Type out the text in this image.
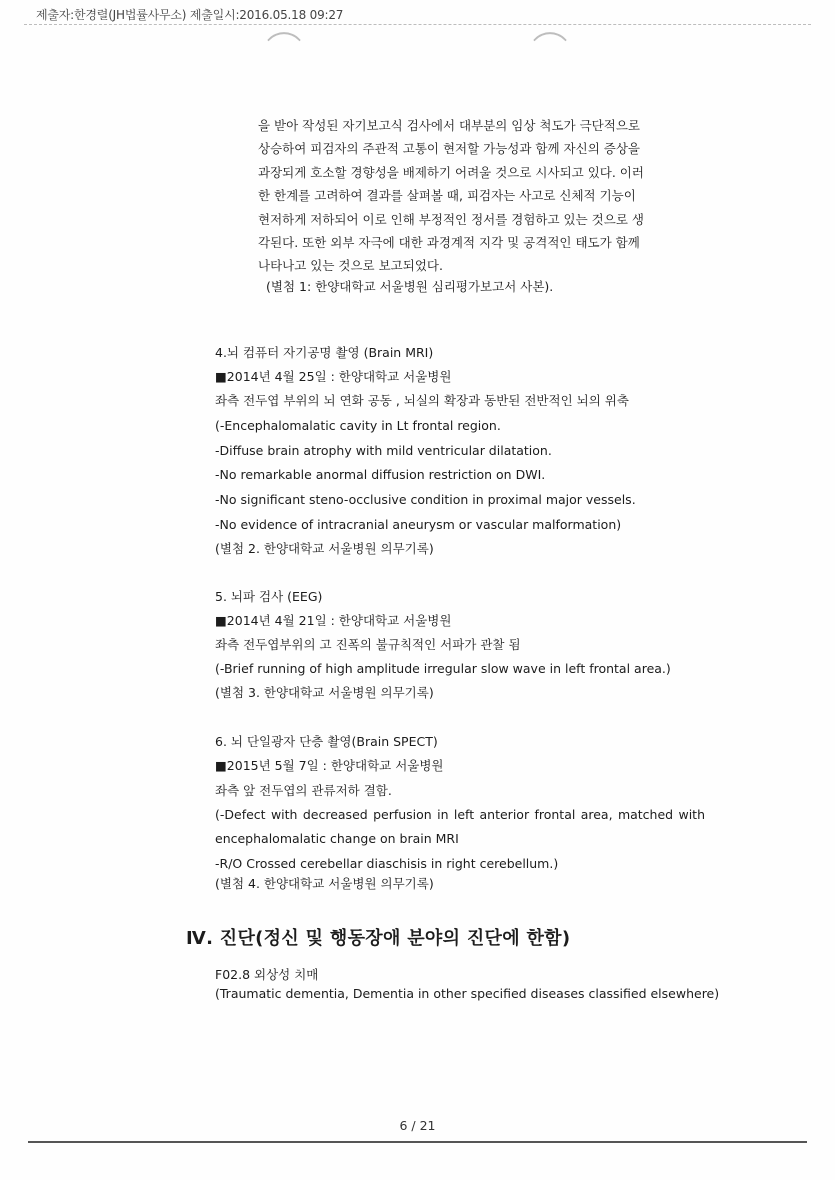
제출자:한경렬(JH법률사무소) 제출일시:2016.05.18 09:27
을 받아 작성된 자기보고식 검사에서 대부분의 임상 척도가 극단적으로
상승하여 피검자의 주관적 고통이 현저할 가능성과 함께 자신의 증상을
과장되게 호소할 경향성을 배제하기 어려울 것으로 시사되고 있다. 이러
한 한계를 고려하여 결과를 살펴볼 때, 피검자는 사고로 신체적 기능이
현저하게 저하되어 이로 인해 부정적인 정서를 경험하고 있는 것으로 생
각된다. 또한 외부 자극에 대한 과경계적 지각 및 공격적인 태도가 함께
나타나고 있는 것으로 보고되었다.
(별첨 1: 한양대학교 서울병원 심리평가보고서 사본).
4.뇌 컴퓨터 자기공명 촬영 (Brain MRI)
■2014년 4월 25일 : 한양대학교 서울병원
좌측 전두엽 부위의 뇌 연화 공동 , 뇌실의 확장과 동반된 전반적인 뇌의 위축
(-Encephalomalatic cavity in Lt frontal region.
-Diffuse brain atrophy with mild ventricular dilatation.
-No remarkable anormal diffusion restriction on DWI.
-No significant steno-occlusive condition in proximal major vessels.
-No evidence of intracranial aneurysm or vascular malformation)
(별첨 2. 한양대학교 서울병원 의무기록)
5. 뇌파 검사 (EEG)
■2014년 4월 21일 : 한양대학교 서울병원
좌측 전두엽부위의 고 진폭의 불규칙적인 서파가 관찰 됨
(-Brief running of high amplitude irregular slow wave in left frontal area.)
(별첨 3. 한양대학교 서울병원 의무기록)
6. 뇌 단일광자 단층 촬영(Brain SPECT)
■2015년 5월 7일 : 한양대학교 서울병원
좌측 앞 전두엽의 관류저하 결함.
(-Defect with decreased perfusion in left anterior frontal area, matched with
encephalomalatic change on brain MRI
-R/O Crossed cerebellar diaschisis in right cerebellum.)
(별첨 4. 한양대학교 서울병원 의무기록)

Ⅳ. 진단(정신 및 행동장애 분야의 진단에 한함)
F02.8 외상성 치매
(Traumatic dementia, Dementia in other specified diseases classified elsewhere)
6 / 21
